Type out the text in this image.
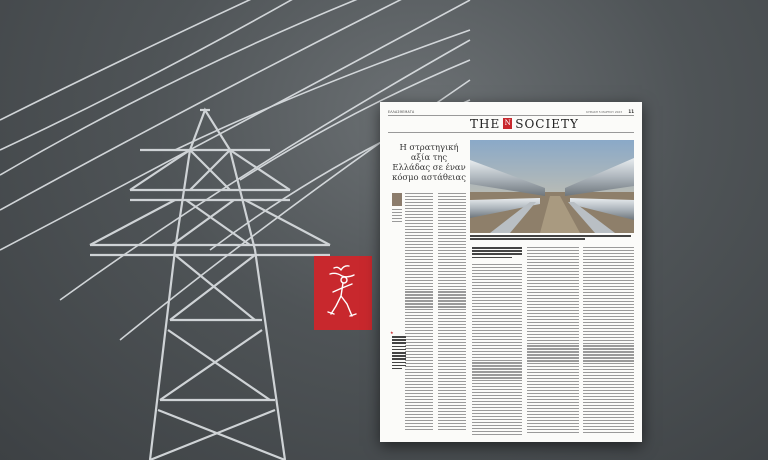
ΕΛΛΑΣΘΕΜΑΤΑ	ΚΥΡΙΑΚΗ 5 ΜΑΡΤΙΟΥ 2023 11
THE N SOCIETY
Η στρατηγική αξία της Ελλάδας σε έναν κόσμο αστάθειας
★
